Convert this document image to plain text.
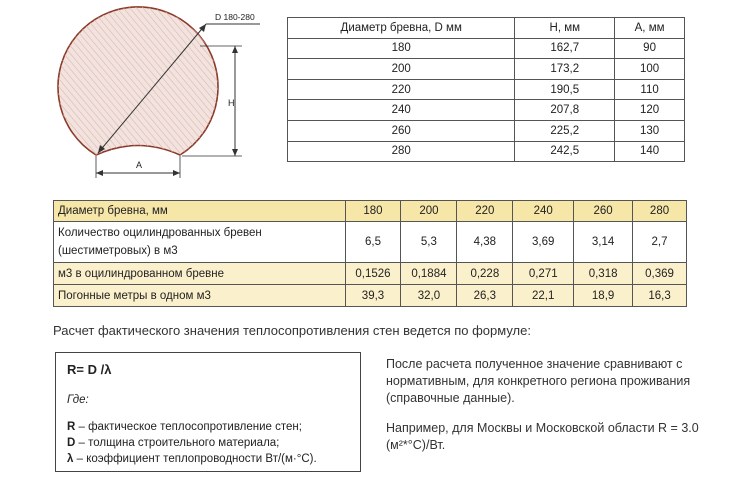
D 180-280
H
A
Диаметр бревна, D мм	Н, мм	А, мм
180	162,7	90
200	173,2	100
220	190,5	110
240	207,8	120
260	225,2	130
280	242,5	140
Диаметр бревна, мм	180	200	220	240	260	280
Количество оцилиндрованных бревен (шестиметровых) в м3	6,5	5,3	4,38	3,69	3,14	2,7
м3 в оцилиндрованном бревне	0,1526	0,1884	0,228	0,271	0,318	0,369
Погонные метры в одном м3	39,3	32,0	26,3	22,1	18,9	16,3
Расчет фактического значения теплосопротивления стен ведется по формуле:
R= D /λ
Где:
R – фактическое теплосопротивление стен;
D – толщина строительного материала;
λ – коэффициент теплопроводности Вт/(м·°С).
После расчета полученное значение сравнивают с нормативным, для конкретного региона проживания (справочные данные).
Например, для Москвы и Московской области R = 3.0 (м²*°С)/Вт.
